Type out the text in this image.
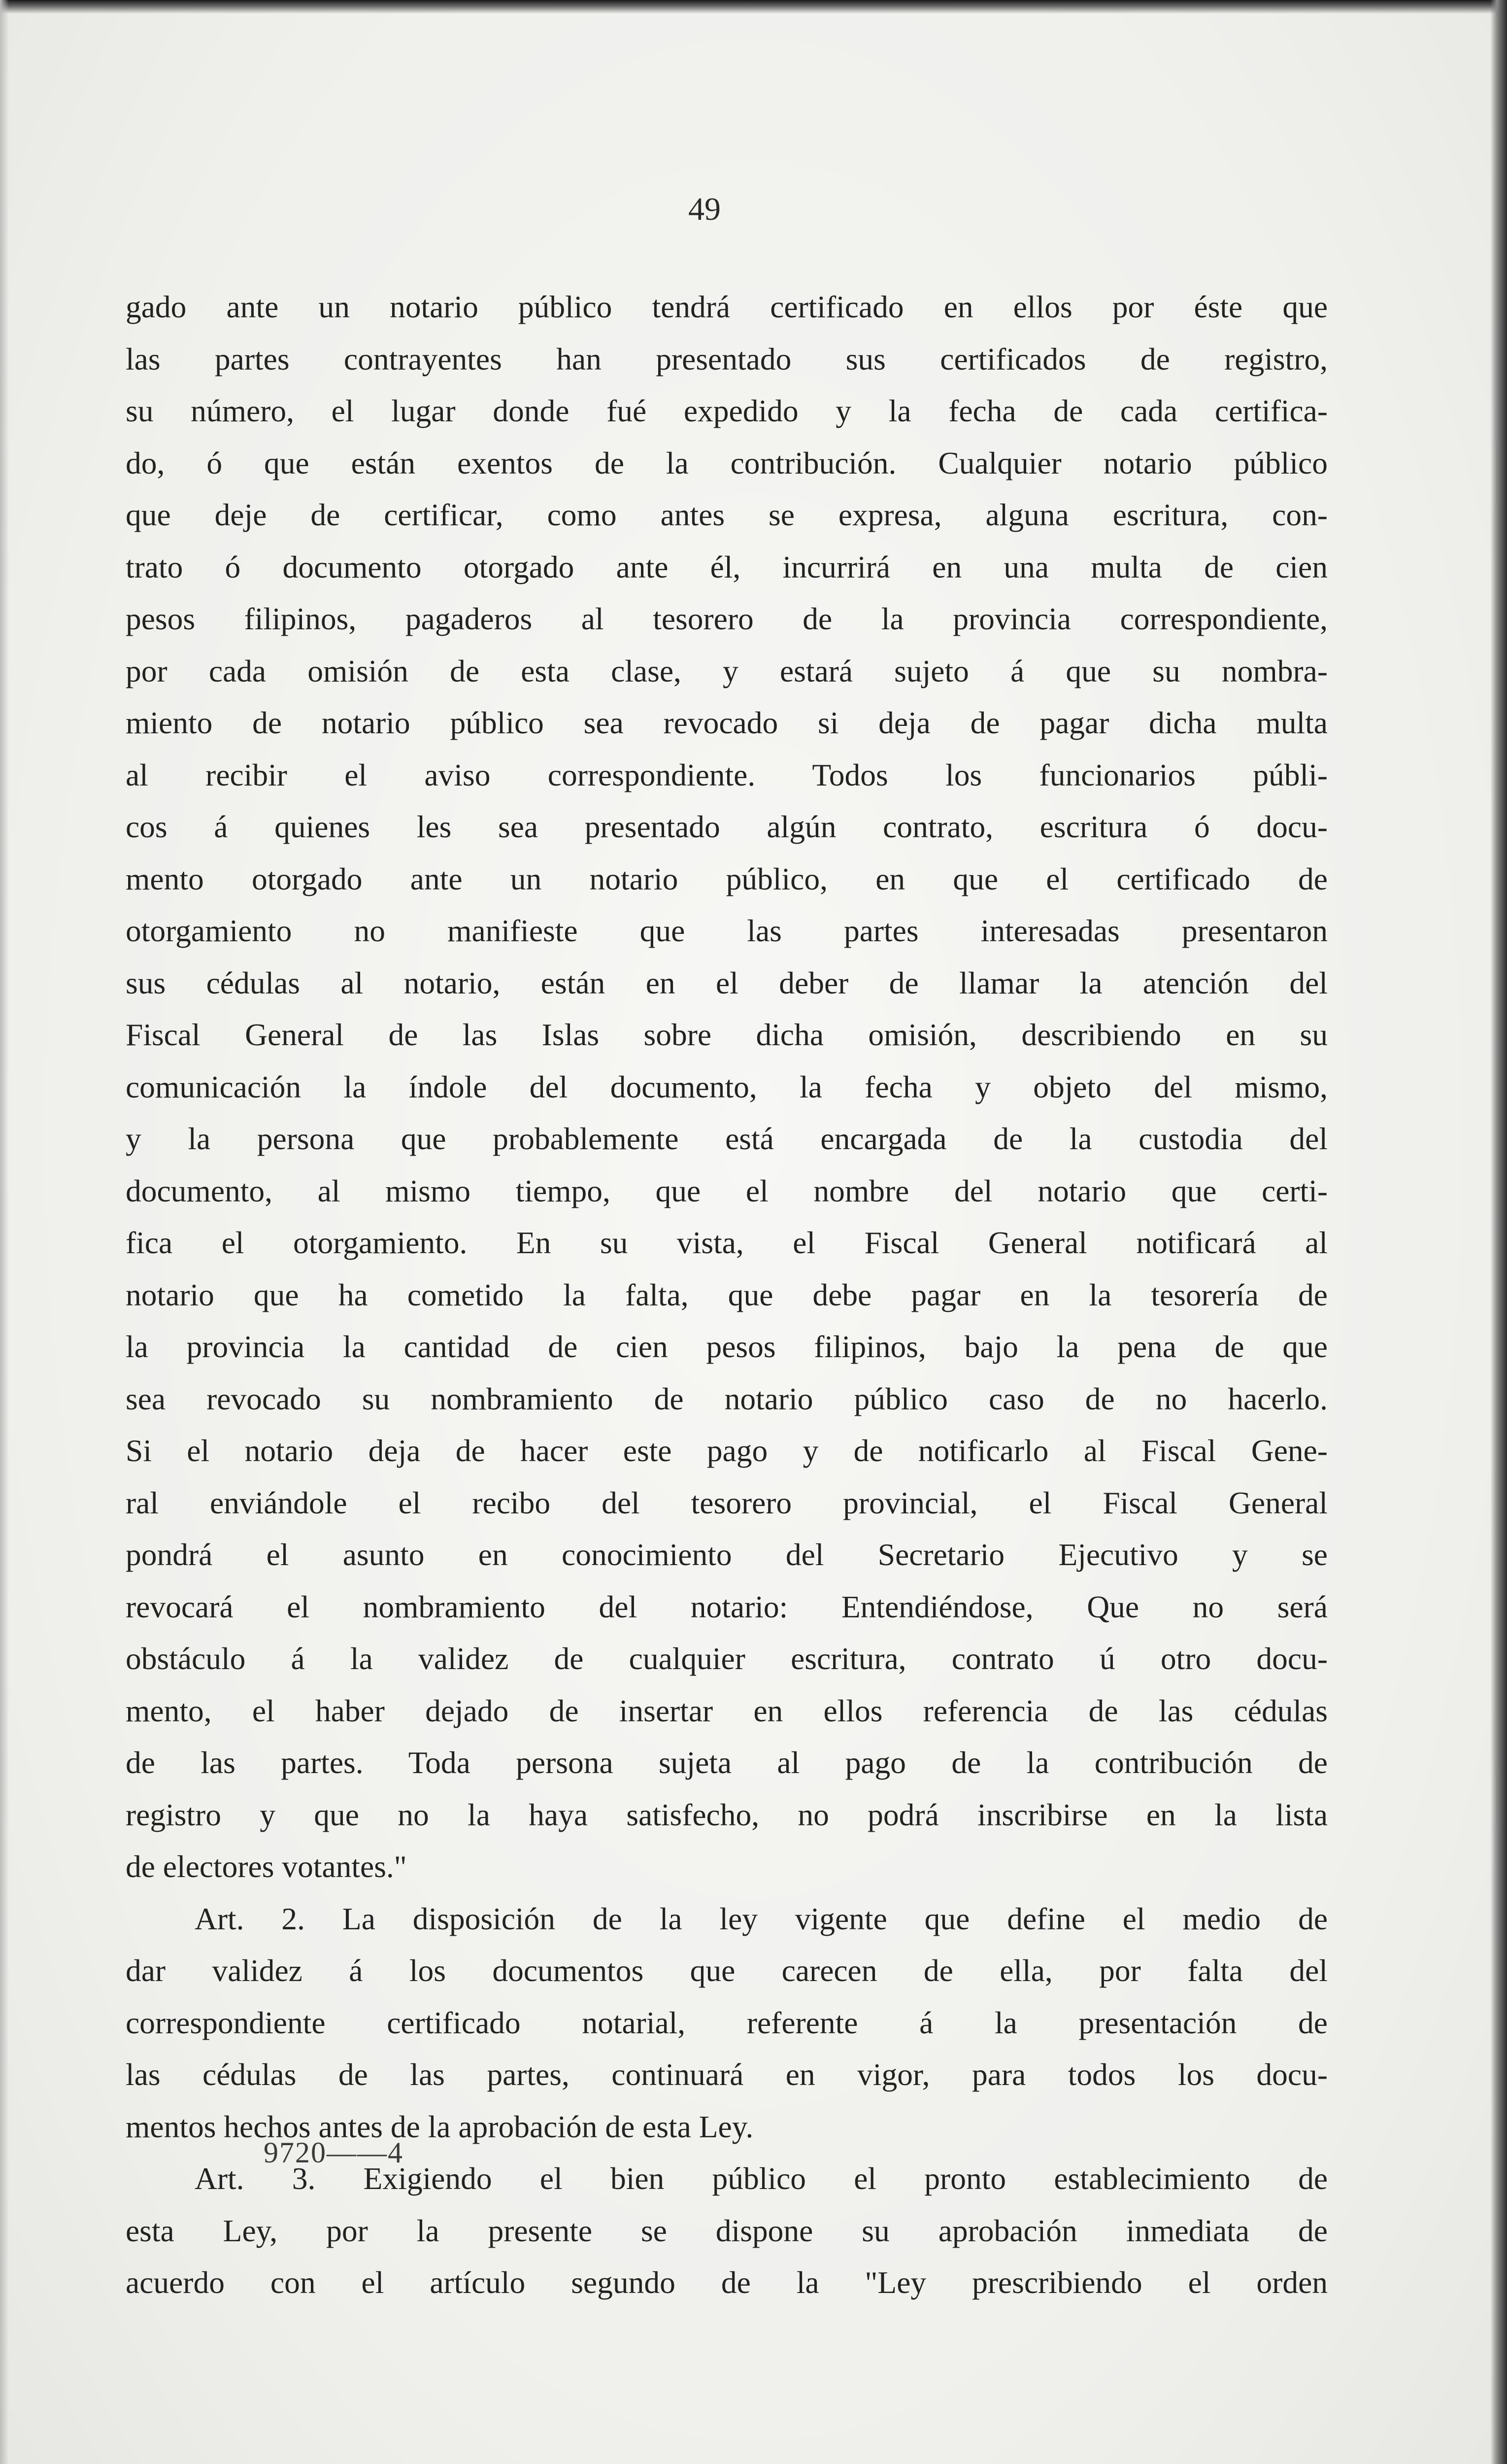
49
gado ante un notario público tendrá certificado en ellos por éste que
las partes contrayentes han presentado sus certificados de registro,
su número, el lugar donde fué expedido y la fecha de cada certifica-
do, ó que están exentos de la contribución. Cualquier notario público
que deje de certificar, como antes se expresa, alguna escritura, con-
trato ó documento otorgado ante él, incurrirá en una multa de cien
pesos filipinos, pagaderos al tesorero de la provincia correspondiente,
por cada omisión de esta clase, y estará sujeto á que su nombra-
miento de notario público sea revocado si deja de pagar dicha multa
al recibir el aviso correspondiente. Todos los funcionarios públi-
cos á quienes les sea presentado algún contrato, escritura ó docu-
mento otorgado ante un notario público, en que el certificado de
otorgamiento no manifieste que las partes interesadas presentaron
sus cédulas al notario, están en el deber de llamar la atención del
Fiscal General de las Islas sobre dicha omisión, describiendo en su
comunicación la índole del documento, la fecha y objeto del mismo,
y la persona que probablemente está encargada de la custodia del
documento, al mismo tiempo, que el nombre del notario que certi-
fica el otorgamiento. En su vista, el Fiscal General notificará al
notario que ha cometido la falta, que debe pagar en la tesorería de
la provincia la cantidad de cien pesos filipinos, bajo la pena de que
sea revocado su nombramiento de notario público caso de no hacerlo.
Si el notario deja de hacer este pago y de notificarlo al Fiscal Gene-
ral enviándole el recibo del tesorero provincial, el Fiscal General
pondrá el asunto en conocimiento del Secretario Ejecutivo y se
revocará el nombramiento del notario: Entendiéndose, Que no será
obstáculo á la validez de cualquier escritura, contrato ú otro docu-
mento, el haber dejado de insertar en ellos referencia de las cédulas
de las partes. Toda persona sujeta al pago de la contribución de
registro y que no la haya satisfecho, no podrá inscribirse en la lista
de electores votantes."
Art. 2. La disposición de la ley vigente que define el medio de
dar validez á los documentos que carecen de ella, por falta del
correspondiente certificado notarial, referente á la presentación de
las cédulas de las partes, continuará en vigor, para todos los docu-
mentos hechos antes de la aprobación de esta Ley.
Art. 3. Exigiendo el bien público el pronto establecimiento de
esta Ley, por la presente se dispone su aprobación inmediata de
acuerdo con el artículo segundo de la "Ley prescribiendo el orden
9720——4
